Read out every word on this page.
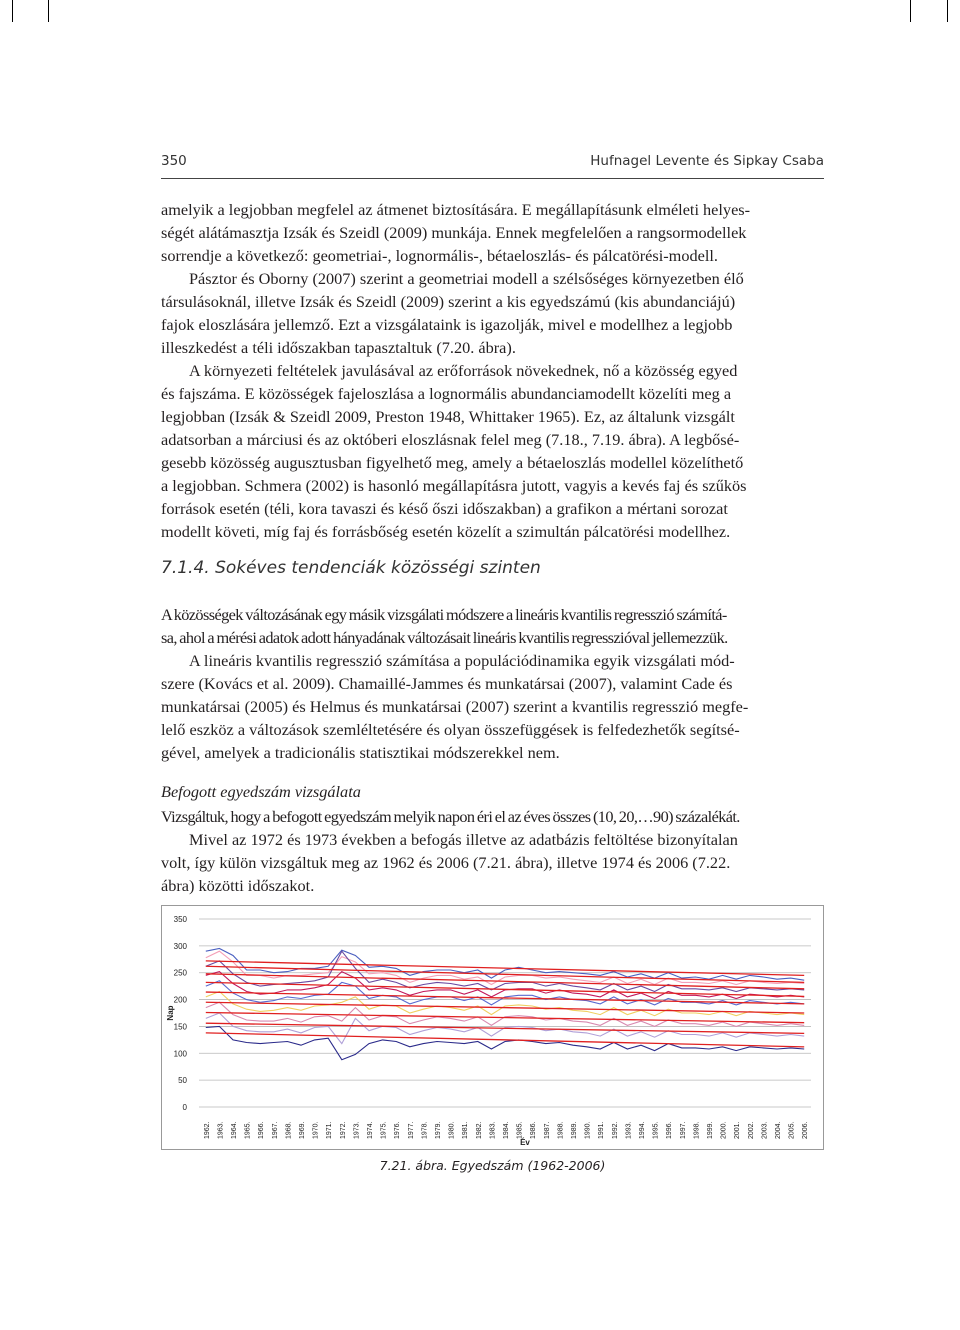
350	Hufnagel Levente és Sipkay Csaba

amelyik a legjobban megfelel az átmenet biztosítására. E megállapításunk elméleti helyes-
ségét alátámasztja Izsák és Szeidl (2009) munkája. Ennek megfelelően a rangsormodellek
sorrendje a következő: geometriai-, lognormális-, bétaeloszlás- és pálcatörési-modell.

Pásztor és Oborny (2007) szerint a geometriai modell a szélsőséges környezetben élő
társulásoknál, illetve Izsák és Szeidl (2009) szerint a kis egyedszámú (kis abundanciájú)
fajok eloszlására jellemző. Ezt a vizsgálataink is igazolják, mivel e modellhez a legjobb
illeszkedést a téli időszakban tapasztaltuk (7.20. ábra).

A környezeti feltételek javulásával az erőforrások növekednek, nő a közösség egyed
és fajszáma. E közösségek fajeloszlása a lognormális abundanciamodellt közelíti meg a
legjobban (Izsák & Szeidl 2009, Preston 1948, Whittaker 1965). Ez, az általunk vizsgált
adatsorban a márciusi és az októberi eloszlásnak felel meg (7.18., 7.19. ábra). A legbősé-
gesebb közösség augusztusban figyelhető meg, amely a bétaeloszlás modellel közelíthető
a legjobban. Schmera (2002) is hasonló megállapításra jutott, vagyis a kevés faj és szűkös
források esetén (téli, kora tavaszi és késő őszi időszakban) a grafikon a mértani sorozat
modellt követi, míg faj és forrásbőség esetén közelít a szimultán pálcatörési modellhez.

7.1.4. Sokéves tendenciák közösségi szinten

A közösségek változásának egy másik vizsgálati módszere a lineáris kvantilis regresszió számítá-
sa, ahol a mérési adatok adott hányadának változásait lineáris kvantilis regresszióval jellemezzük.

A lineáris kvantilis regresszió számítása a populációdinamika egyik vizsgálati mód-
szere (Kovács et al. 2009). Chamaillé-Jammes és munkatársai (2007), valamint Cade és
munkatársai (2005) és Helmus és munkatársai (2007) szerint a kvantilis regresszió megfe-
lelő eszköz a változások szemléltetésére és olyan összefüggések is felfedezhetők segítsé-
gével, amelyek a tradicionális statisztikai módszerekkel nem.

Befogott egyedszám vizsgálata

Vizsgáltuk, hogy a befogott egyedszám melyik napon éri el az éves összes (10, 20,…90) százalékát.

Mivel az 1972 és 1973 években a befogás illetve az adatbázis feltöltése bizonyítalan
volt, így külön vizsgáltuk meg az 1962 és 2006 (7.21. ábra), illetve 1974 és 2006 (7.22.
ábra) közötti időszakot.

0
50
100
150
200
250
300
350
Nap
1962. 1963. 1964. 1965. 1966. 1967. 1968. 1969. 1970. 1971. 1972. 1973. 1974. 1975. 1976. 1977. 1978. 1979. 1980. 1981. 1982. 1983. 1984. 1985. 1986. 1987. 1988. 1989. 1990. 1991. 1992. 1993. 1994. 1995. 1996. 1997. 1998. 1999. 2000. 2001. 2002. 2003. 2004. 2005. 2006.
Év
7.21. ábra. Egyedszám (1962-2006)
